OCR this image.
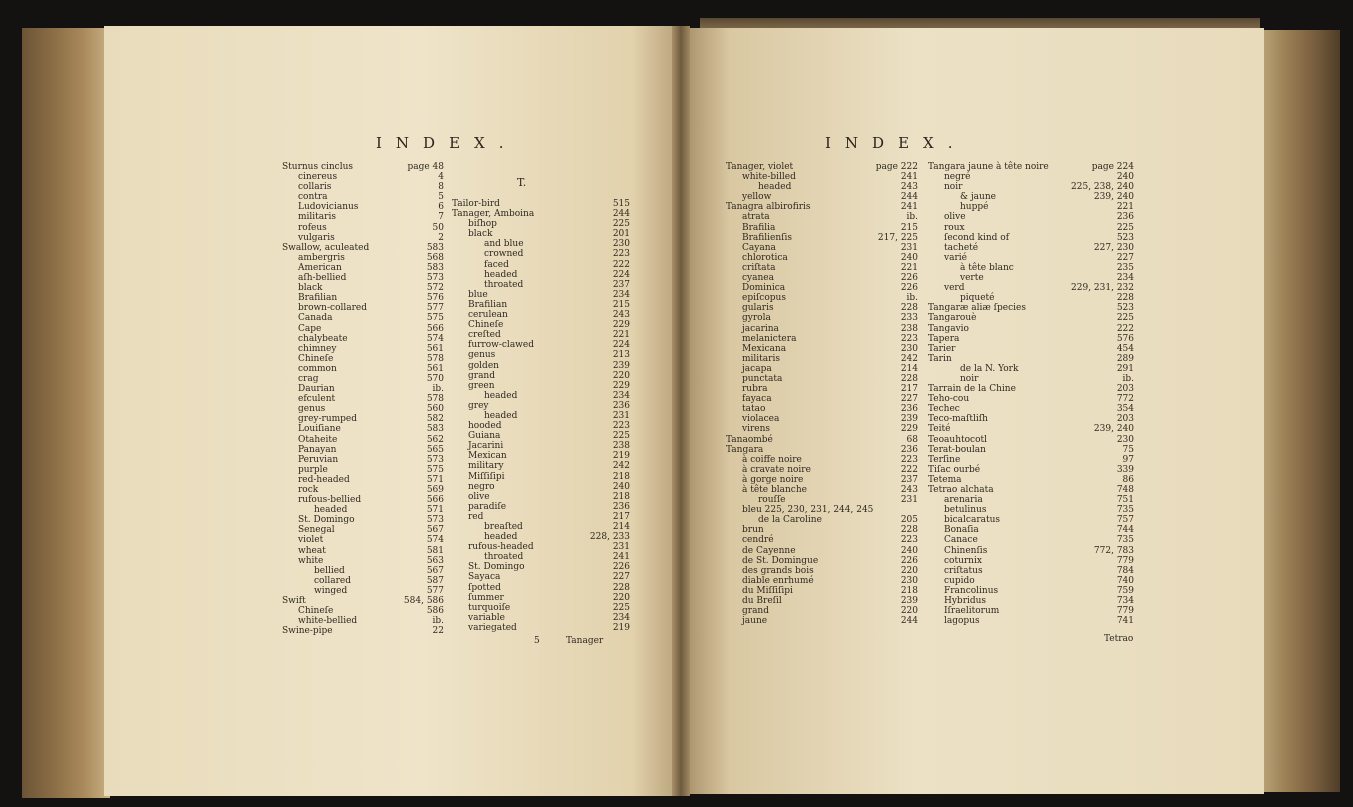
INDEX.	INDEX.
T.
Sturnus cinclus	page 48
cinereus	4
collaris	8
contra	5
Ludovicianus	6
militaris	7
rofeus	50
vulgaris	2
Swallow, aculeated	583
ambergris	568
American	583
aſh-bellied	573
black	572
Brafilian	576
brown-collared	577
Canada	575
Cape	566
chalybeate	574
chimney	561
Chineſe	578
common	561
crag	570
Daurian	ib.
efculent	578
genus	560
grey-rumped	582
Louiſiane	583
Otaheite	562
Panayan	565
Peruvian	573
purple	575
red-headed	571
rock	569
rufous-bellied	566
headed	571
St. Domingo	573
Senegal	567
violet	574
wheat	581
white	563
bellied	567
collared	587
winged	577
Swift	584, 586
Chineſe	586
white-bellied	ib.
Swine-pipe	22
Tailor-bird	515
Tanager, Amboina	244
biſhop	225
black	201
and blue	230
crowned	223
faced	222
headed	224
throated	237
blue	234
Brafilian	215
cerulean	243
Chineſe	229
creſted	221
furrow-clawed	224
genus	213
golden	239
grand	220
green	229
headed	234
grey	236
headed	231
hooded	223
Guiana	225
Jacarini	238
Mexican	219
military	242
Miſſiſipi	218
negro	240
olive	218
paradiſe	236
red	217
breaſted	214
headed	228, 233
rufous-headed	231
throated	241
St. Domingo	226
Sayaca	227
ſpotted	228
ſummer	220
turquoiſe	225
variable	234
variegated	219
Tanager, violet	page 222
white-billed	241
headed	243
yellow	244
Tanagra albirofiris	241
atrata	ib.
Brafilia	215
Brafilienſis	217, 225
Cayana	231
chlorotica	240
criſtata	221
cyanea	226
Dominica	226
epiſcopus	ib.
gularis	228
gyrola	233
jacarina	238
melanictera	223
Mexicana	230
militaris	242
jacapa	214
punctata	228
rubra	217
fayaca	227
tatao	236
violacea	239
virens	229
Tanaombé	68
Tangara	236
à coiffe noire	223
à cravate noire	222
à gorge noire	237
à tête blanche	243
rouſſe	231
bleu 225, 230, 231, 244, 245
de la Caroline	205
brun	228
cendré	223
de Cayenne	240
de St. Domingue	226
des grands bois	220
diable enrhumé	230
du Miſſiſipi	218
du Breſil	239
grand	220
jaune	244
Tangara jaune à tête noire	page 224
negré	240
noir	225, 238, 240
& jaune	239, 240
huppé	221
olive	236
roux	225
ſecond kind of	523
tacheté	227, 230
varié	227
à tête blanc	235
verte	234
verd	229, 231, 232
piqueté	228
Tangaræ aliæ ſpecies	523
Tangarouè	225
Tangavio	222
Tapera	576
Tarier	454
Tarin	289
de la N. York	291
noir	ib.
Tarrain de la Chine	203
Teho-cou	772
Techec	354
Teco-maſtliſh	203
Teité	239, 240
Teoauhtocotl	230
Terat-boulan	75
Terſine	97
Tiſac ourbé	339
Tetema	86
Tetrao alchata	748
arenaria	751
betulinus	735
bicalcaratus	757
Bonaſia	744
Canace	735
Chinenſis	772, 783
coturnix	779
criſtatus	784
cupido	740
Francolinus	759
Hybridus	734
Iſraelitorum	779
lagopus	741
5	Tanager	Tetrao
